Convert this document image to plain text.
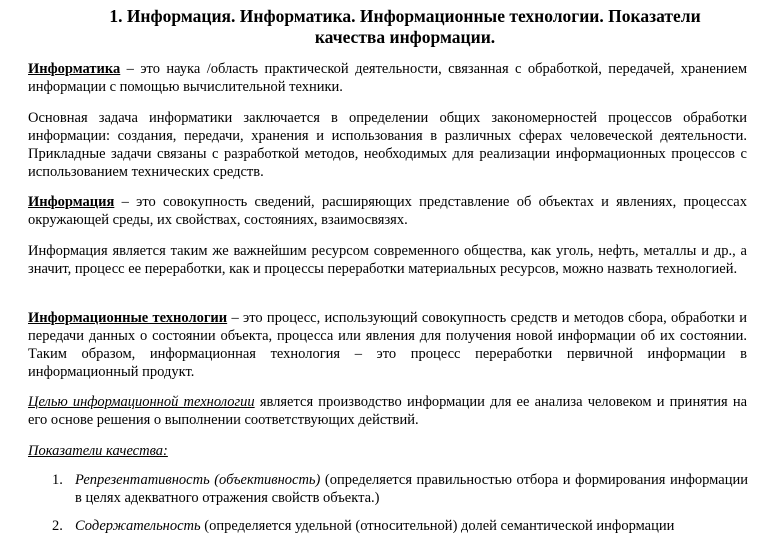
1. Информация. Информатика. Информационные технологии. Показатели

качества информации.

Информатика – это наука /область практической деятельности, связанная с обработкой, передачей, хранением информации с помощью вычислительной техники.

Основная задача информатики заключается в определении общих закономерностей процессов обработки информации: создания, передачи, хранения и использования в различных сферах человеческой деятельности. Прикладные задачи связаны с разработкой методов, необходимых для реализации информационных процессов с использованием технических средств.

Информация – это совокупность сведений, расширяющих представление об объектах и явлениях, процессах окружающей среды, их свойствах, состояниях, взаимосвязях.

Информация является таким же важнейшим ресурсом современного общества, как уголь, нефть, металлы и др., а значит, процесс ее переработки, как и процессы переработки материальных ресурсов, можно назвать технологией.

Информационные технологии – это процесс, использующий совокупность средств и методов сбора, обработки и передачи данных о состоянии объекта, процесса или явления для получения новой информации об их состоянии. Таким образом, информационная технология – это процесс переработки первичной информации в информационный продукт.

Целью информационной технологии является производство информации для ее анализа человеком и принятия на его основе решения о выполнении соответствующих действий.

Показатели качества:

1. Репрезентативность (объективность) (определяется правильностью отбора и формирования информации в целях адекватного отражения свойств объекта.)
2. Содержательность (определяется удельной (относительной) долей семантической информации
